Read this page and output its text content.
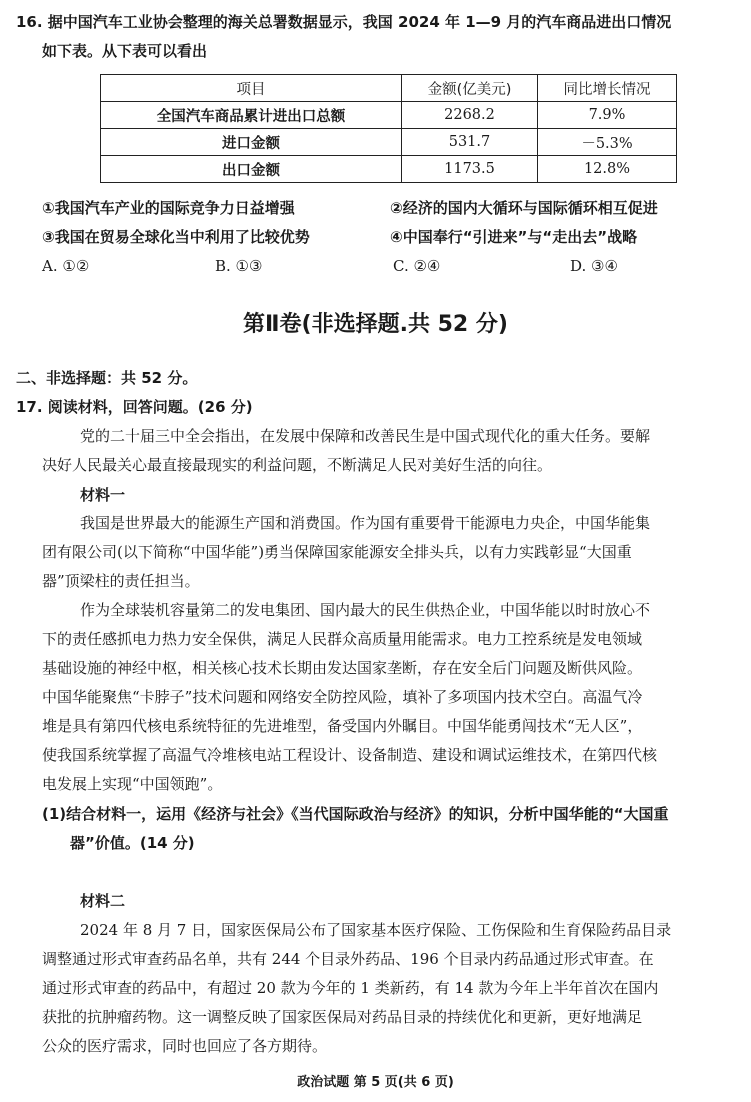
16. 据中国汽车工业协会整理的海关总署数据显示，我国 2024 年 1—9 月的汽车商品进出口情况
如下表。从下表可以看出
项目	金额(亿美元)	同比增长情况
全国汽车商品累计进出口总额	2268.2	7.9%
进口金额	531.7	－5.3%
出口金额	1173.5	12.8%
①我国汽车产业的国际竞争力日益增强	②经济的国内大循环与国际循环相互促进
③我国在贸易全球化当中利用了比较优势	④中国奉行“引进来”与“走出去”战略
A. ①②	B. ①③	C. ②④	D. ③④
第Ⅱ卷(非选择题.共 52 分)
二、非选择题：共 52 分。
17. 阅读材料，回答问题。(26 分)
党的二十届三中全会指出，在发展中保障和改善民生是中国式现代化的重大任务。要解
决好人民最关心最直接最现实的利益问题，不断满足人民对美好生活的向往。
材料一
我国是世界最大的能源生产国和消费国。作为国有重要骨干能源电力央企，中国华能集
团有限公司(以下简称“中国华能”)勇当保障国家能源安全排头兵，以有力实践彰显“大国重
器”顶梁柱的责任担当。
作为全球装机容量第二的发电集团、国内最大的民生供热企业，中国华能以时时放心不
下的责任感抓电力热力安全保供，满足人民群众高质量用能需求。电力工控系统是发电领域
基础设施的神经中枢，相关核心技术长期由发达国家垄断，存在安全后门问题及断供风险。
中国华能聚焦“卡脖子”技术问题和网络安全防控风险，填补了多项国内技术空白。高温气冷
堆是具有第四代核电系统特征的先进堆型，备受国内外瞩目。中国华能勇闯技术“无人区”，
使我国系统掌握了高温气冷堆核电站工程设计、设备制造、建设和调试运维技术，在第四代核
电发展上实现“中国领跑”。
(1)结合材料一，运用《经济与社会》《当代国际政治与经济》的知识，分析中国华能的“大国重
器”价值。(14 分)
材料二
2024 年 8 月 7 日，国家医保局公布了国家基本医疗保险、工伤保险和生育保险药品目录
调整通过形式审查药品名单，共有 244 个目录外药品、196 个目录内药品通过形式审查。在
通过形式审查的药品中，有超过 20 款为今年的 1 类新药，有 14 款为今年上半年首次在国内
获批的抗肿瘤药物。这一调整反映了国家医保局对药品目录的持续优化和更新，更好地满足
公众的医疗需求，同时也回应了各方期待。
政治试题 第 5 页(共 6 页)
